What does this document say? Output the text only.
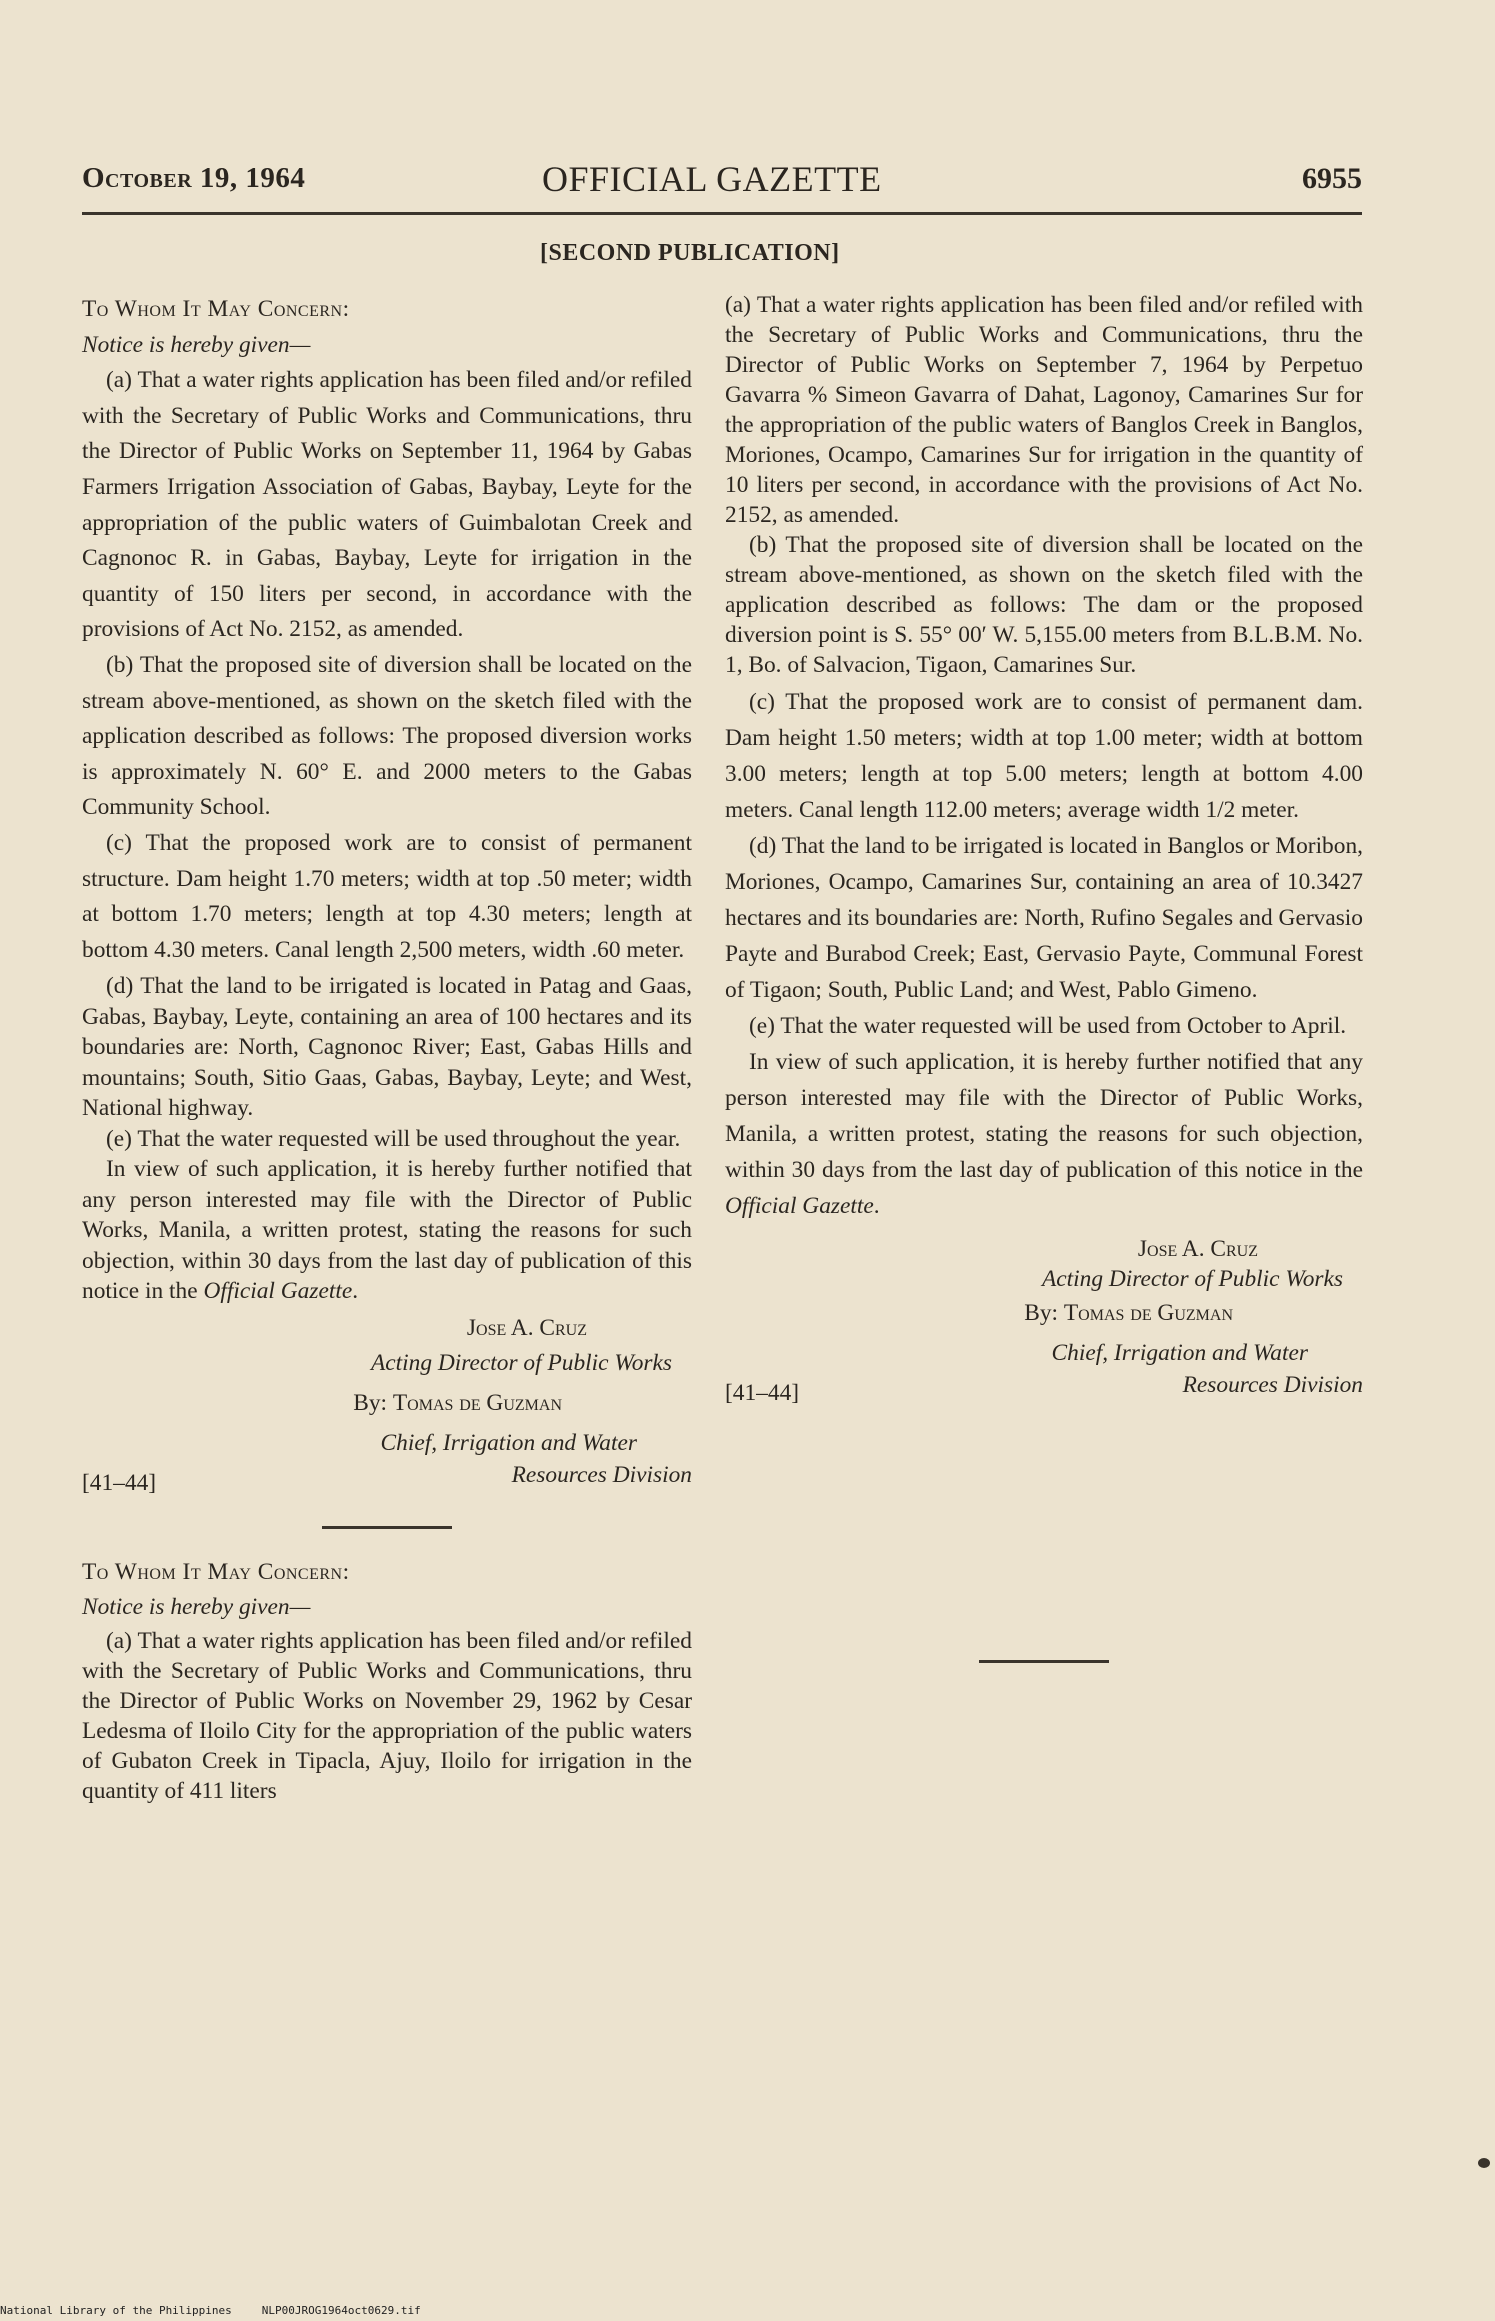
October 19, 1964	OFFICIAL GAZETTE	6955
[SECOND PUBLICATION]

To Whom It May Concern:

Notice is hereby given—

(a) That a water rights application has been filed and/or refiled with the Secretary of Public Works and Communications, thru the Director of Public Works on September 11, 1964 by Gabas Farmers Irrigation Association of Gabas, Baybay, Leyte for the appropriation of the public waters of Guimbalotan Creek and Cagnonoc R. in Gabas, Baybay, Leyte for irrigation in the quantity of 150 liters per second, in accordance with the provisions of Act No. 2152, as amended.

(b) That the proposed site of diversion shall be located on the stream above-mentioned, as shown on the sketch filed with the application described as follows: The proposed diversion works is approximately N. 60° E. and 2000 meters to the Gabas Community School.

(c) That the proposed work are to consist of permanent structure. Dam height 1.70 meters; width at top .50 meter; width at bottom 1.70 meters; length at top 4.30 meters; length at bottom 4.30 meters. Canal length 2,500 meters, width .60 meter.

(d) That the land to be irrigated is located in Patag and Gaas, Gabas, Baybay, Leyte, containing an area of 100 hectares and its boundaries are: North, Cagnonoc River; East, Gabas Hills and mountains; South, Sitio Gaas, Gabas, Baybay, Leyte; and West, National highway.

(e) That the water requested will be used throughout the year.

In view of such application, it is hereby further notified that any person interested may file with the Director of Public Works, Manila, a written protest, stating the reasons for such objection, within 30 days from the last day of publication of this notice in the Official Gazette.

Jose A. Cruz

Acting Director of Public Works

By: Tomas de Guzman

Chief, Irrigation and Water
Resources Division
[41–44]

To Whom It May Concern:

Notice is hereby given—

(a) That a water rights application has been filed and/or refiled with the Secretary of Public Works and Communications, thru the Director of Public Works on November 29, 1962 by Cesar Ledesma of Iloilo City for the appropriation of the public waters of Gubaton Creek in Tipacla, Ajuy, Iloilo for irrigation in the quantity of 411 liters

(a) That a water rights application has been filed and/or refiled with the Secretary of Public Works and Communications, thru the Director of Public Works on September 7, 1964 by Perpetuo Gavarra % Simeon Gavarra of Dahat, Lagonoy, Camarines Sur for the appropriation of the public waters of Banglos Creek in Banglos, Moriones, Ocampo, Camarines Sur for irrigation in the quantity of 10 liters per second, in accordance with the provisions of Act No. 2152, as amended.

(b) That the proposed site of diversion shall be located on the stream above-mentioned, as shown on the sketch filed with the application described as follows: The dam or the proposed diversion point is S. 55° 00′ W. 5,155.00 meters from B.L.B.M. No. 1, Bo. of Salvacion, Tigaon, Camarines Sur.

(c) That the proposed work are to consist of permanent dam. Dam height 1.50 meters; width at top 1.00 meter; width at bottom 3.00 meters; length at top 5.00 meters; length at bottom 4.00 meters. Canal length 112.00 meters; average width 1/2 meter.

(d) That the land to be irrigated is located in Banglos or Moribon, Moriones, Ocampo, Camarines Sur, containing an area of 10.3427 hectares and its boundaries are: North, Rufino Segales and Gervasio Payte and Burabod Creek; East, Gervasio Payte, Communal Forest of Tigaon; South, Public Land; and West, Pablo Gimeno.

(e) That the water requested will be used from October to April.

In view of such application, it is hereby further notified that any person interested may file with the Director of Public Works, Manila, a written protest, stating the reasons for such objection, within 30 days from the last day of publication of this notice in the Official Gazette.

Jose A. Cruz

Acting Director of Public Works

By: Tomas de Guzman

Chief, Irrigation and Water
Resources Division
[41–44]
National Library of the Philippines	NLP00JROG1964oct0629.tif
